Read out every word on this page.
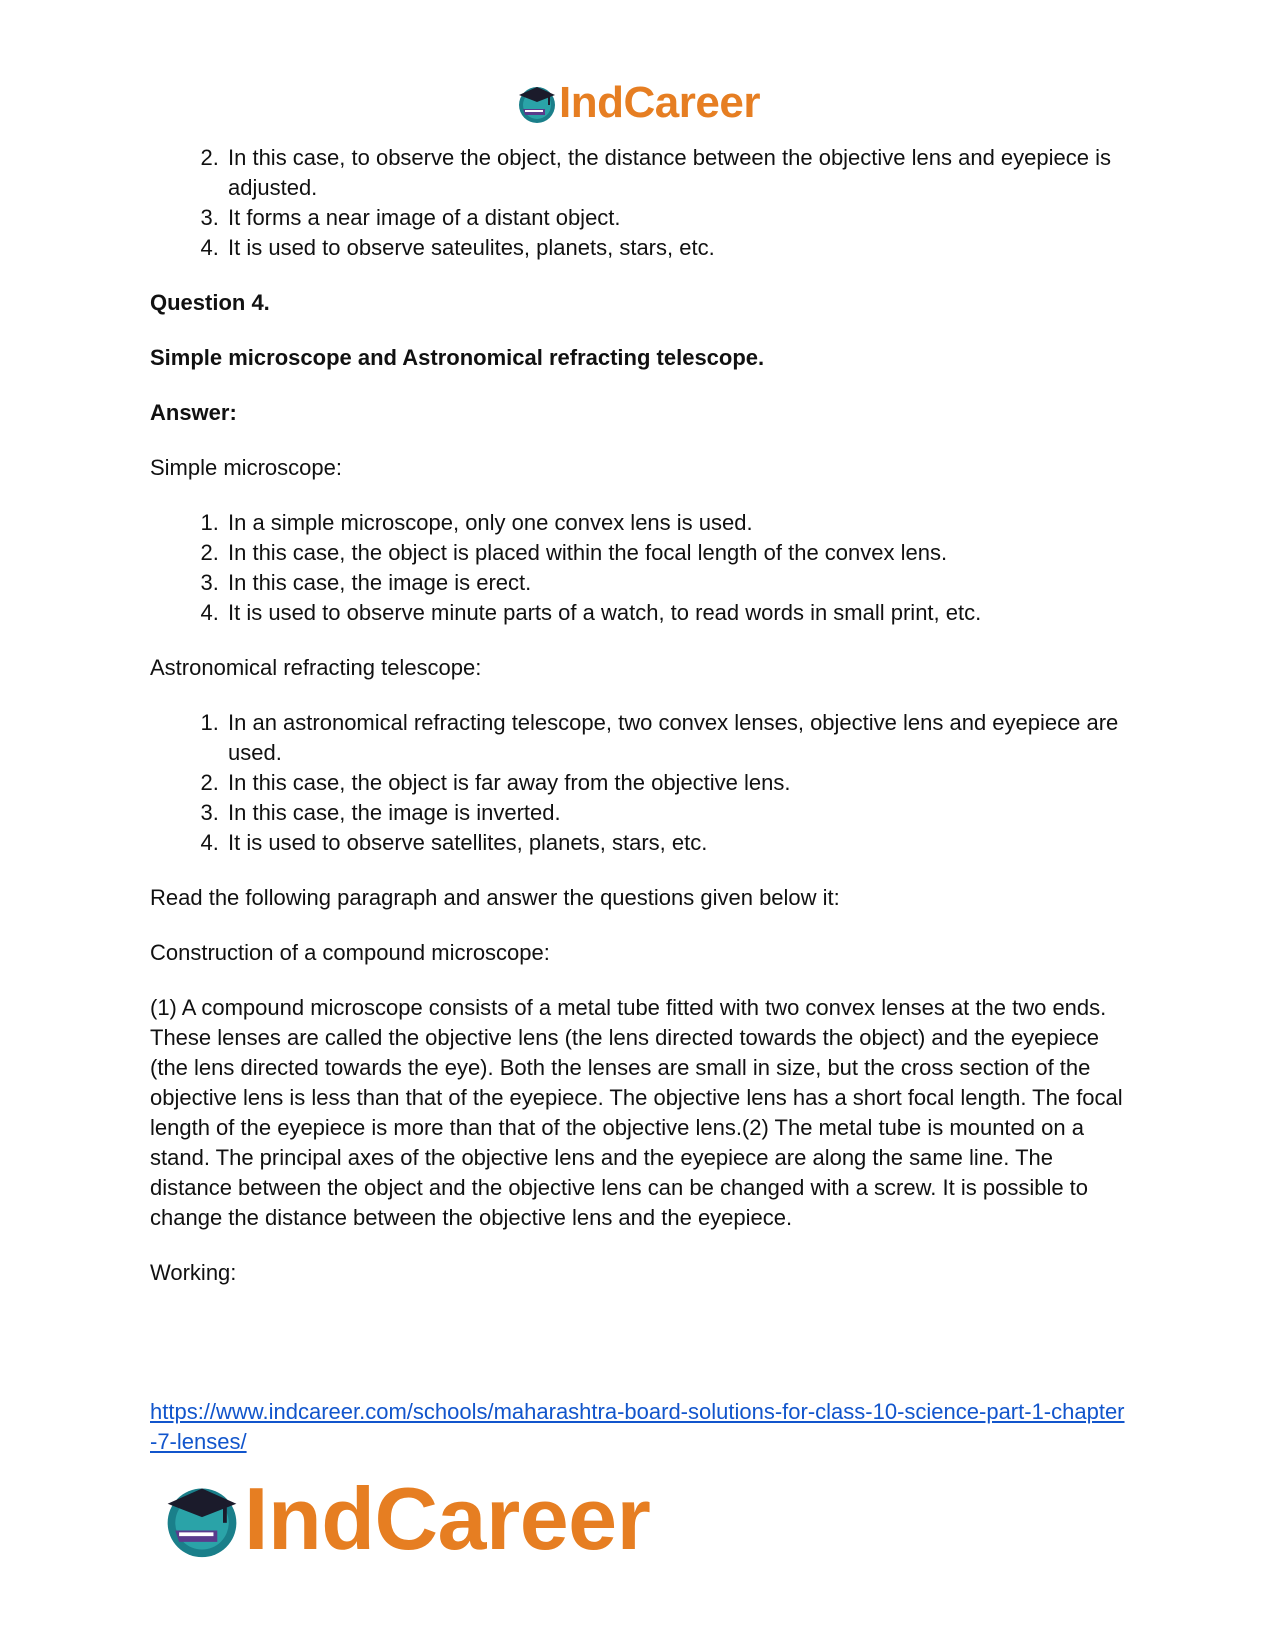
IndCareer
2. In this case, to observe the object, the distance between the objective lens and eyepiece is adjusted.
3. It forms a near image of a distant object.
4. It is used to observe sateulites, planets, stars, etc.

Question 4.

Simple microscope and Astronomical refracting telescope.

Answer:

Simple microscope:

1. In a simple microscope, only one convex lens is used.
2. In this case, the object is placed within the focal length of the convex lens.
3. In this case, the image is erect.
4. It is used to observe minute parts of a watch, to read words in small print, etc.

Astronomical refracting telescope:

1. In an astronomical refracting telescope, two convex lenses, objective lens and eyepiece are used.
2. In this case, the object is far away from the objective lens.
3. In this case, the image is inverted.
4. It is used to observe satellites, planets, stars, etc.

Read the following paragraph and answer the questions given below it:

Construction of a compound microscope:

(1) A compound microscope consists of a metal tube fitted with two convex lenses at the two ends. These lenses are called the objective lens (the lens directed towards the object) and the eyepiece (the lens directed towards the eye). Both the lenses are small in size, but the cross section of the objective lens is less than that of the eyepiece. The objective lens has a short focal length. The focal length of the eyepiece is more than that of the objective lens.(2) The metal tube is mounted on a stand. The principal axes of the objective lens and the eyepiece are along the same line. The distance between the object and the objective lens can be changed with a screw. It is possible to change the distance between the objective lens and the eyepiece.

Working:

https://www.indcareer.com/schools/maharashtra-board-solutions-for-class-10-science-part-1-chapter-7-lenses/
IndCareer
